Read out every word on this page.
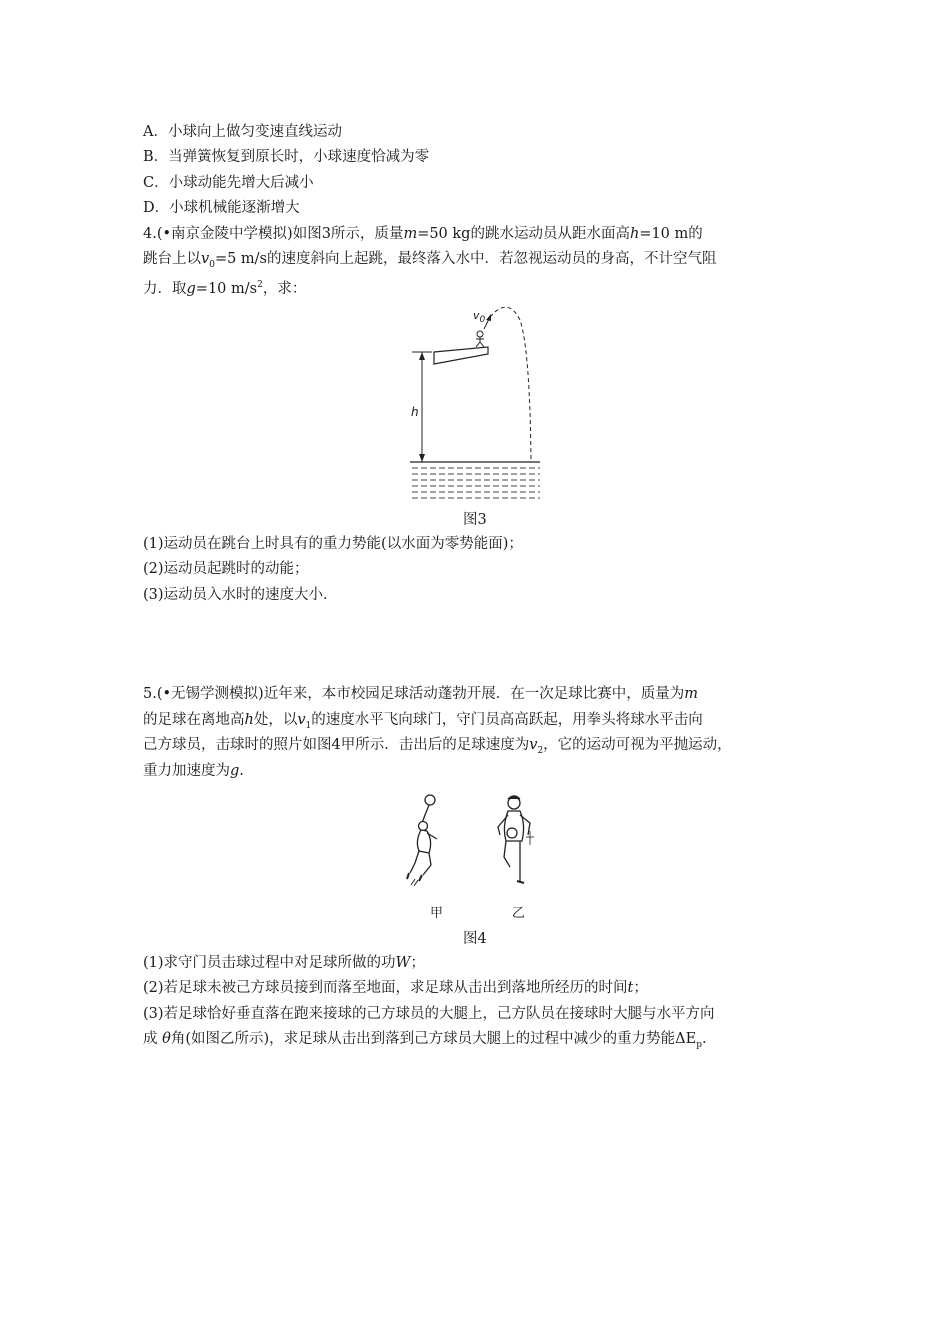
A．小球向上做匀变速直线运动
B．当弹簧恢复到原长时，小球速度恰减为零
C．小球动能先增大后减小
D．小球机械能逐渐增大
4.(•南京金陵中学模拟)如图3所示，质量m=50 kg的跳水运动员从距水面高h=10 m的
跳台上以$v_0=5$ m/s的速度斜向上起跳，最终落入水中．若忽视运动员的身高，不计空气阻
力．取g=10 $m/s^2$，求：
$v_0$
h
图3
(1)运动员在跳台上时具有的重力势能(以水面为零势能面)；
(2)运动员起跳时的动能；
(3)运动员入水时的速度大小．
5.(•无锡学测模拟)近年来，本市校园足球活动蓬勃开展．在一次足球比赛中，质量为m
的足球在离地高h处，以$v_1$的速度水平飞向球门，守门员高高跃起，用拳头将球水平击向
己方球员，击球时的照片如图4甲所示．击出后的足球速度为$v_2$，它的运动可视为平抛运动，
重力加速度为g.
甲	乙
图4
(1)求守门员击球过程中对足球所做的功W；
(2)若足球未被己方球员接到而落至地面，求足球从击出到落地所经历的时间t；
(3)若足球恰好垂直落在跑来接球的己方球员的大腿上，己方队员在接球时大腿与水平方向
成 θ角(如图乙所示)，求足球从击出到落到己方球员大腿上的过程中减少的重力势能$\Delta E_p$.
